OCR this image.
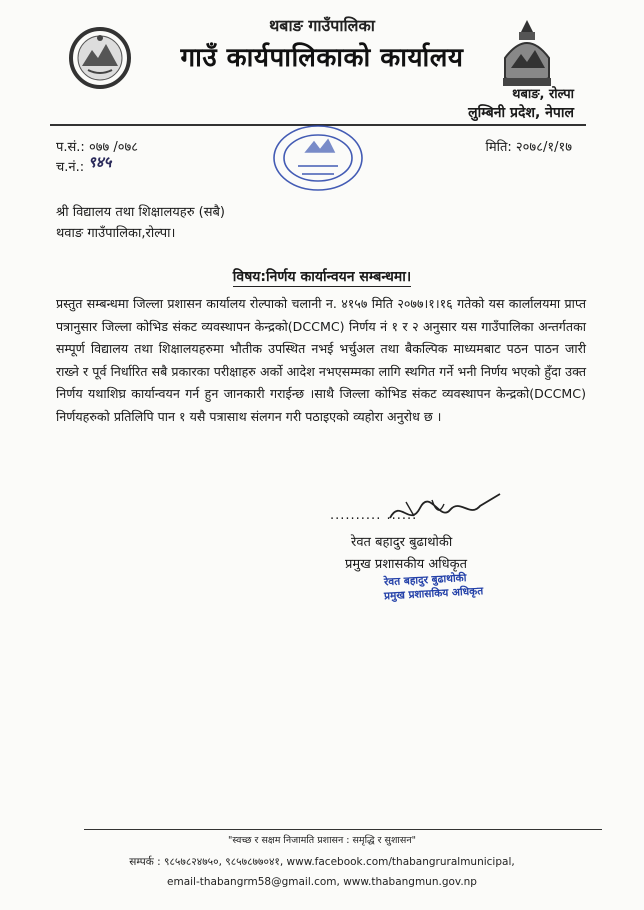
थबाङ गाउँपालिका
गाउँ कार्यपालिकाको कार्यालय
थबाङ, रोल्पा
लुम्बिनी प्रदेश, नेपाल
प.सं.: ०७७ /०७८
च.नं.: ९४५
मिति: २०७८/१/१७
श्री विद्यालय तथा शिक्षालयहरु (सबै)
थवाङ गाउँपालिका,रोल्पा।
विषय:निर्णय कार्यान्वयन सम्बन्धमा।
प्रस्तुत सम्बन्धमा जिल्ला प्रशासन कार्यालय रोल्पाको चलानी न. ४१५७ मिति २०७७।१।१६ गतेको यस कार्लालयमा प्राप्त पत्रानुसार जिल्ला कोभिड संकट व्यवस्थापन केन्द्रको(DCCMC) निर्णय नं १ र २ अनुसार यस गाउँपालिका अन्तर्गतका सम्पूर्ण विद्यालय तथा शिक्षालयहरुमा भौतीक उपस्थित नभई भर्चुअल तथा बैकल्पिक माध्यमबाट पठन पाठन जारी राख्ने र पूर्व निर्धारित सबै प्रकारका परीक्षाहरु अर्को आदेश नभएसम्मका लागि स्थगित गर्ने भनी निर्णय भएको हुँदा उक्त निर्णय यथाशिघ्र कार्यान्वयन गर्न हुन जानकारी गराईन्छ ।साथै जिल्ला कोभिड संकट व्यवस्थापन केन्द्रको(DCCMC) निर्णयहरुको प्रतिलिपि पान १ यसै पत्रासाथ संलगन गरी पठाइएको व्यहोरा अनुरोध छ ।
.......... ......
रेवत बहादुर बुढाथोकी
प्रमुख प्रशासकीय अधिकृत
रेवत बहादुर बुढाथोकी
प्रमुख प्रशासकिय अधिकृत
"स्वच्छ र सक्षम निजामति प्रशासन : समृद्धि र सुशासन"
सम्पर्क : ९८५७८२४७५०, ९८५७८७७०४१, www.facebook.com/thabangruralmunicipal,
email-thabangrm58@gmail.com, www.thabangmun.gov.np
